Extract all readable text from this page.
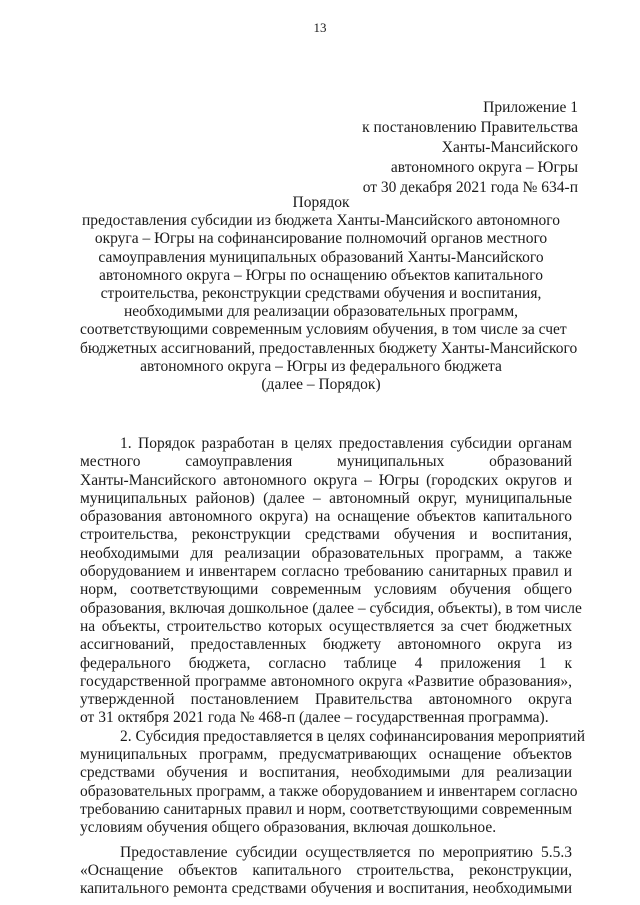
13
Приложение 1
к постановлению Правительства
Ханты-Мансийского
автономного округа – Югры
от 30 декабря 2021 года № 634-п
Порядок
предоставления субсидии из бюджета Ханты-Мансийского автономного
округа – Югры на софинансирование полномочий органов местного
самоуправления муниципальных образований Ханты-Мансийского
автономного округа – Югры по оснащению объектов капитального
строительства, реконструкции средствами обучения и воспитания,
необходимыми для реализации образовательных программ,
соответствующими современным условиям обучения, в том числе за счет
бюджетных ассигнований, предоставленных бюджету Ханты-Мансийского
автономного округа – Югры из федерального бюджета
(далее – Порядок)
1. Порядок разработан в целях предоставления субсидии органам
местного самоуправления муниципальных образований
Ханты-Мансийского автономного округа – Югры (городских округов и
муниципальных районов) (далее – автономный округ, муниципальные
образования автономного округа) на оснащение объектов капитального
строительства, реконструкции средствами обучения и воспитания,
необходимыми для реализации образовательных программ, а также
оборудованием и инвентарем согласно требованию санитарных правил и
норм, соответствующими современным условиям обучения общего
образования, включая дошкольное (далее – субсидия, объекты), в том числе
на объекты, строительство которых осуществляется за счет бюджетных
ассигнований, предоставленных бюджету автономного округа из
федерального бюджета, согласно таблице 4 приложения 1 к
государственной программе автономного округа «Развитие образования»,
утвержденной постановлением Правительства автономного округа
от 31 октября 2021 года № 468-п (далее – государственная программа).
2. Субсидия предоставляется в целях софинансирования мероприятий
муниципальных программ, предусматривающих оснащение объектов
средствами обучения и воспитания, необходимыми для реализации
образовательных программ, а также оборудованием и инвентарем согласно
требованию санитарных правил и норм, соответствующими современным
условиям обучения общего образования, включая дошкольное.
Предоставление субсидии осуществляется по мероприятию 5.5.3
«Оснащение объектов капитального строительства, реконструкции,
капитального ремонта средствами обучения и воспитания, необходимыми
